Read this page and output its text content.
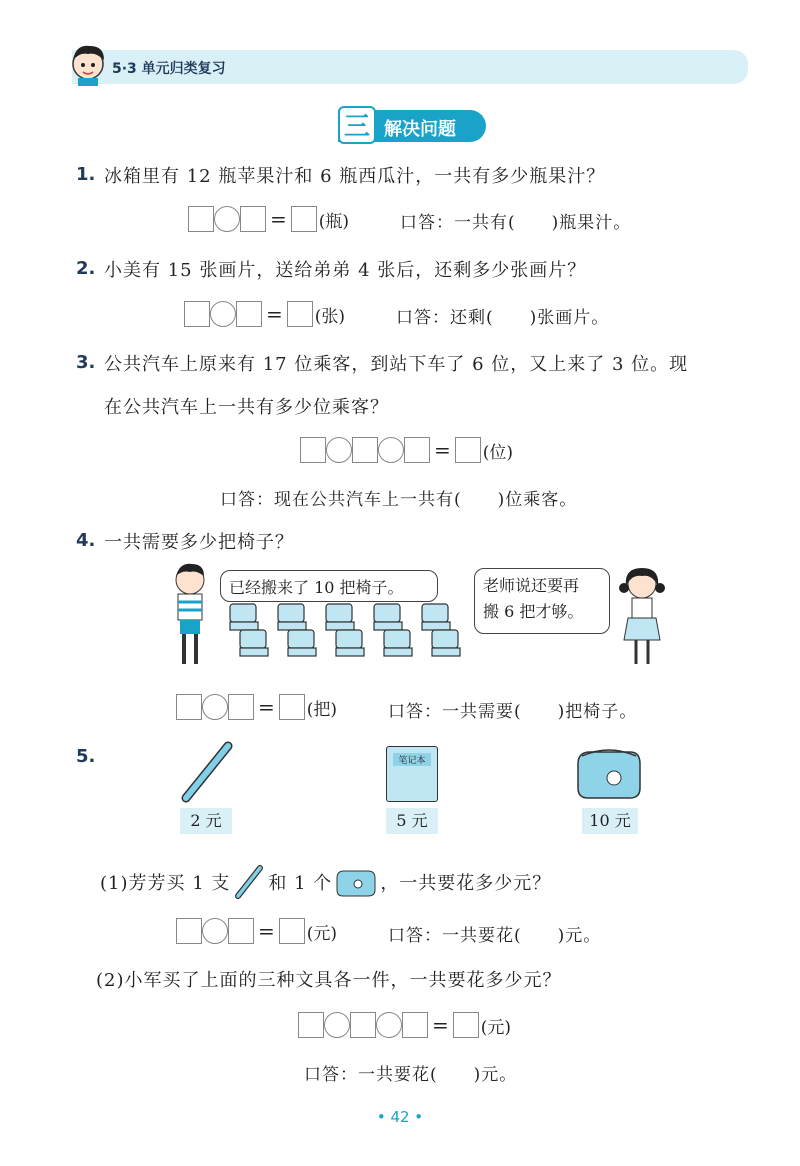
5·3 单元归类复习
三 解决问题
1. 冰箱里有 12 瓶苹果汁和 6 瓶西瓜汁，一共有多少瓶果汁？
= (瓶)	口答：一共有(　　)瓶果汁。
2. 小美有 15 张画片，送给弟弟 4 张后，还剩多少张画片？
= (张)	口答：还剩(　　)张画片。
3. 公共汽车上原来有 17 位乘客，到站下车了 6 位，又上来了 3 位。现
在公共汽车上一共有多少位乘客？
= (位)
口答：现在公共汽车上一共有(　　)位乘客。
4. 一共需要多少把椅子？
已经搬来了 10 把椅子。	老师说还要再
搬 6 把才够。
= (把)	口答：一共需要(　　)把椅子。
5.
2 元
笔记本
5 元	10 元
(1)芳芳买 1 支 和 1 个	，一共要花多少元？
= (元)	口答：一共要花(　　)元。
(2)小军买了上面的三种文具各一件，一共要花多少元？
= (元)
口答：一共要花(　　)元。
• 42 •
